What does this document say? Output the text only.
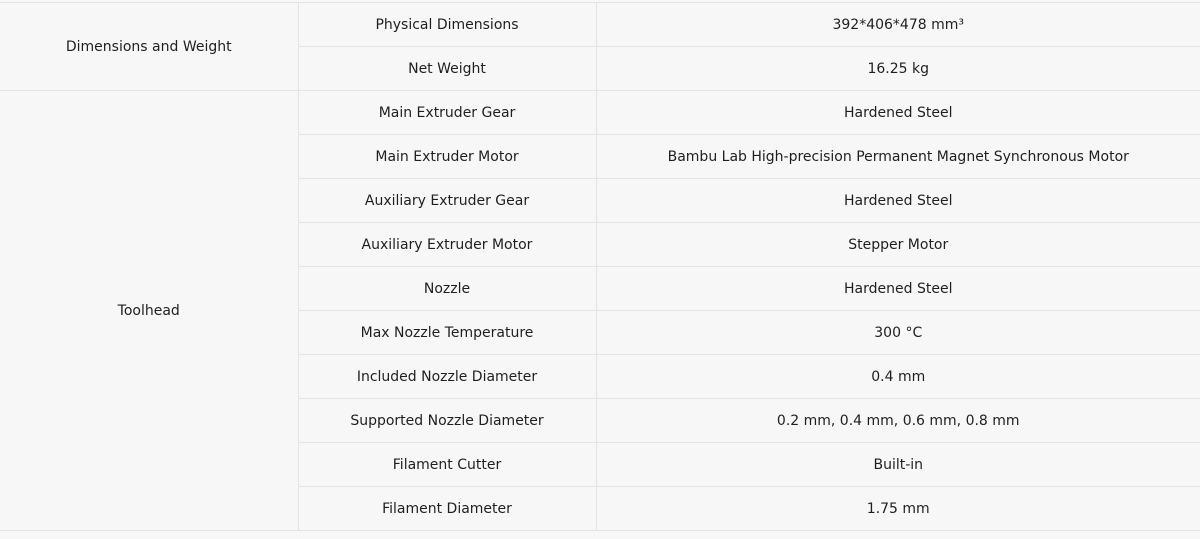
Dimensions and Weight	Physical Dimensions	392*406*478 mm³
	Net Weight	16.25 kg
Toolhead	Main Extruder Gear	Hardened Steel
	Main Extruder Motor	Bambu Lab High-precision Permanent Magnet Synchronous Motor
	Auxiliary Extruder Gear	Hardened Steel
	Auxiliary Extruder Motor	Stepper Motor
	Nozzle	Hardened Steel
	Max Nozzle Temperature	300 °C
	Included Nozzle Diameter	0.4 mm
	Supported Nozzle Diameter	0.2 mm, 0.4 mm, 0.6 mm, 0.8 mm
	Filament Cutter	Built-in
	Filament Diameter	1.75 mm
